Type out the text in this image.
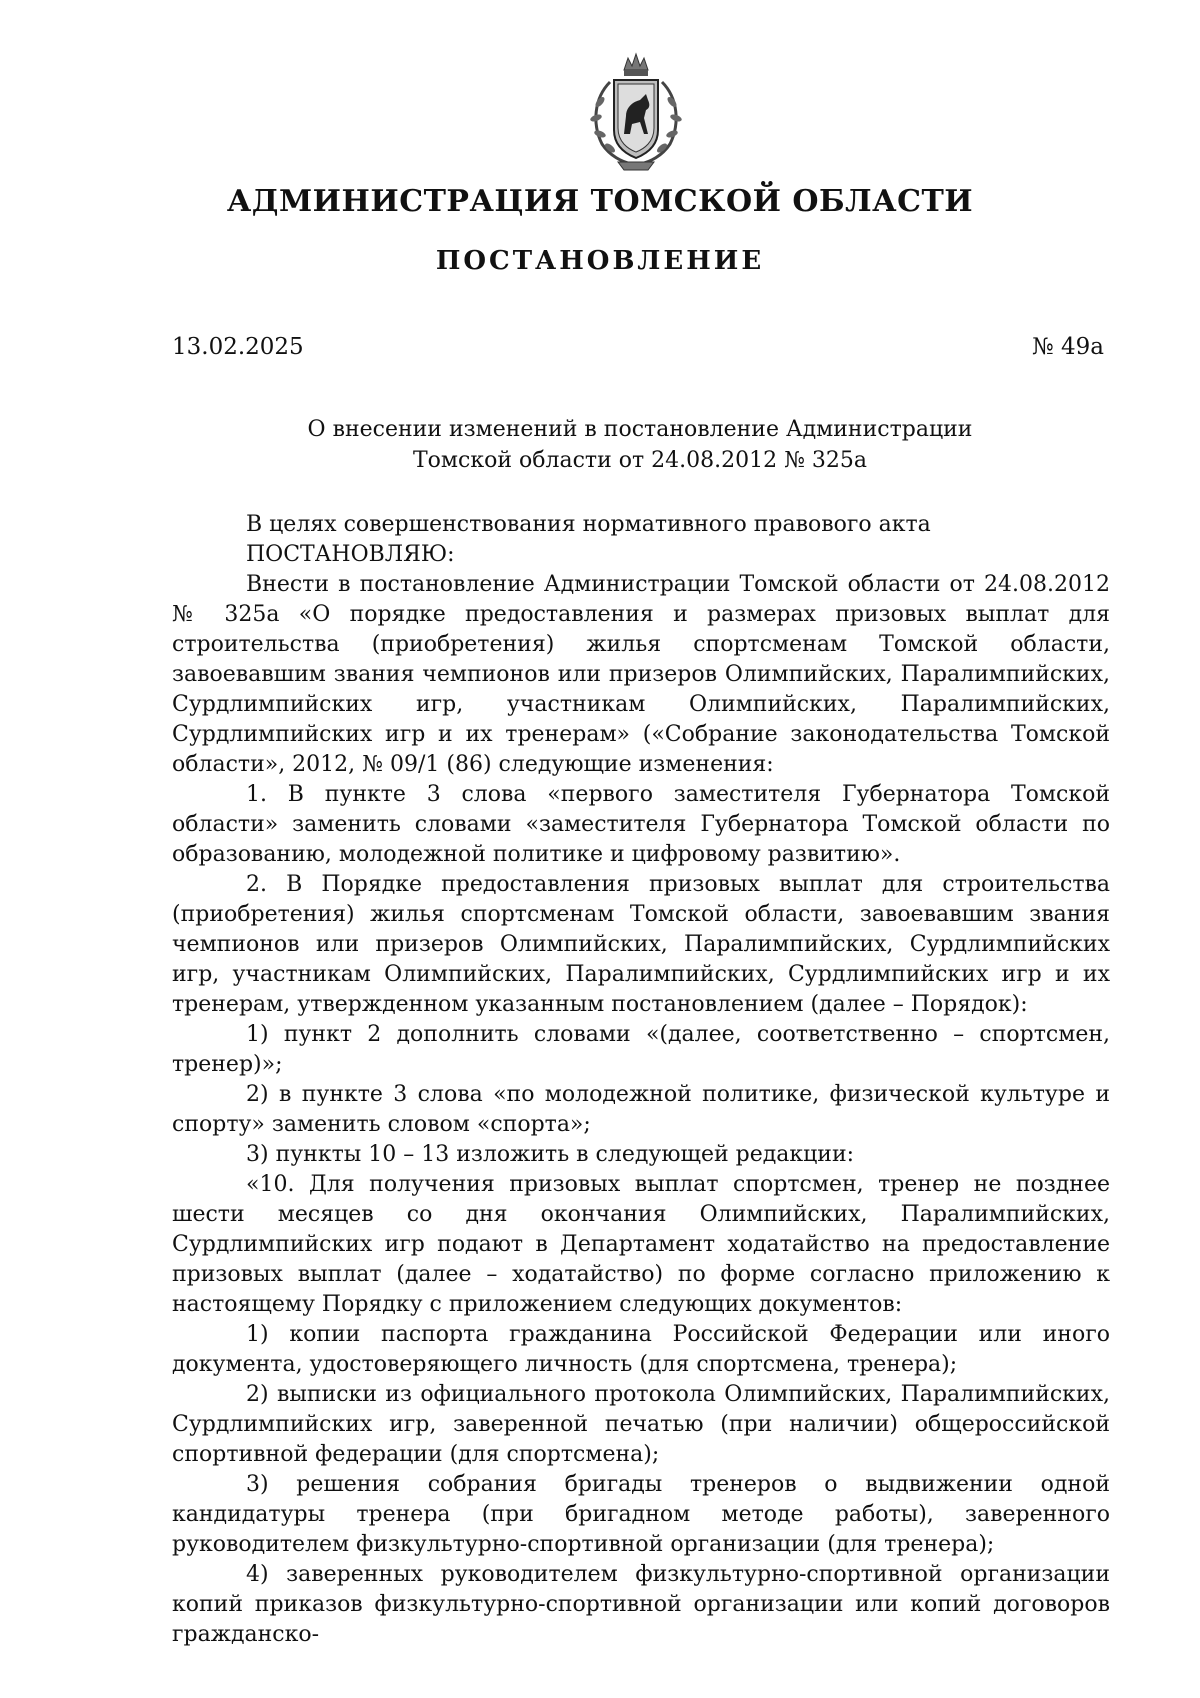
АДМИНИСТРАЦИЯ ТОМСКОЙ ОБЛАСТИ
ПОСТАНОВЛЕНИЕ
13.02.2025	№ 49а
О внесении изменений в постановление Администрации
Томской области от 24.08.2012 № 325а

В целях совершенствования нормативного правового акта

ПОСТАНОВЛЯЮ:

Внести в постановление Администрации Томской области от 24.08.2012 № 325а «О порядке предоставления и размерах призовых выплат для строительства (приобретения) жилья спортсменам Томской области, завоевавшим звания чемпионов или призеров Олимпийских, Паралимпийских, Сурдлимпийских игр, участникам Олимпийских, Паралимпийских, Сурдлимпийских игр и их тренерам» («Собрание законодательства Томской области», 2012, № 09/1 (86) следующие изменения:

1. В пункте 3 слова «первого заместителя Губернатора Томской области» заменить словами «заместителя Губернатора Томской области по образованию, молодежной политике и цифровому развитию».

2. В Порядке предоставления призовых выплат для строительства (приобретения) жилья спортсменам Томской области, завоевавшим звания чемпионов или призеров Олимпийских, Паралимпийских, Сурдлимпийских игр, участникам Олимпийских, Паралимпийских, Сурдлимпийских игр и их тренерам, утвержденном указанным постановлением (далее – Порядок):

1) пункт 2 дополнить словами «(далее, соответственно – спортсмен, тренер)»;

2) в пункте 3 слова «по молодежной политике, физической культуре и спорту» заменить словом «спорта»;

3) пункты 10 – 13 изложить в следующей редакции:

«10. Для получения призовых выплат спортсмен, тренер не позднее шести месяцев со дня окончания Олимпийских, Паралимпийских, Сурдлимпийских игр подают в Департамент ходатайство на предоставление призовых выплат (далее – ходатайство) по форме согласно приложению к настоящему Порядку с приложением следующих документов:

1) копии паспорта гражданина Российской Федерации или иного документа, удостоверяющего личность (для спортсмена, тренера);

2) выписки из официального протокола Олимпийских, Паралимпийских, Сурдлимпийских игр, заверенной печатью (при наличии) общероссийской спортивной федерации (для спортсмена);

3) решения собрания бригады тренеров о выдвижении одной кандидатуры тренера (при бригадном методе работы), заверенного руководителем физкультурно-спортивной организации (для тренера);

4) заверенных руководителем физкультурно-спортивной организации копий приказов физкультурно-спортивной организации или копий договоров гражданско-
